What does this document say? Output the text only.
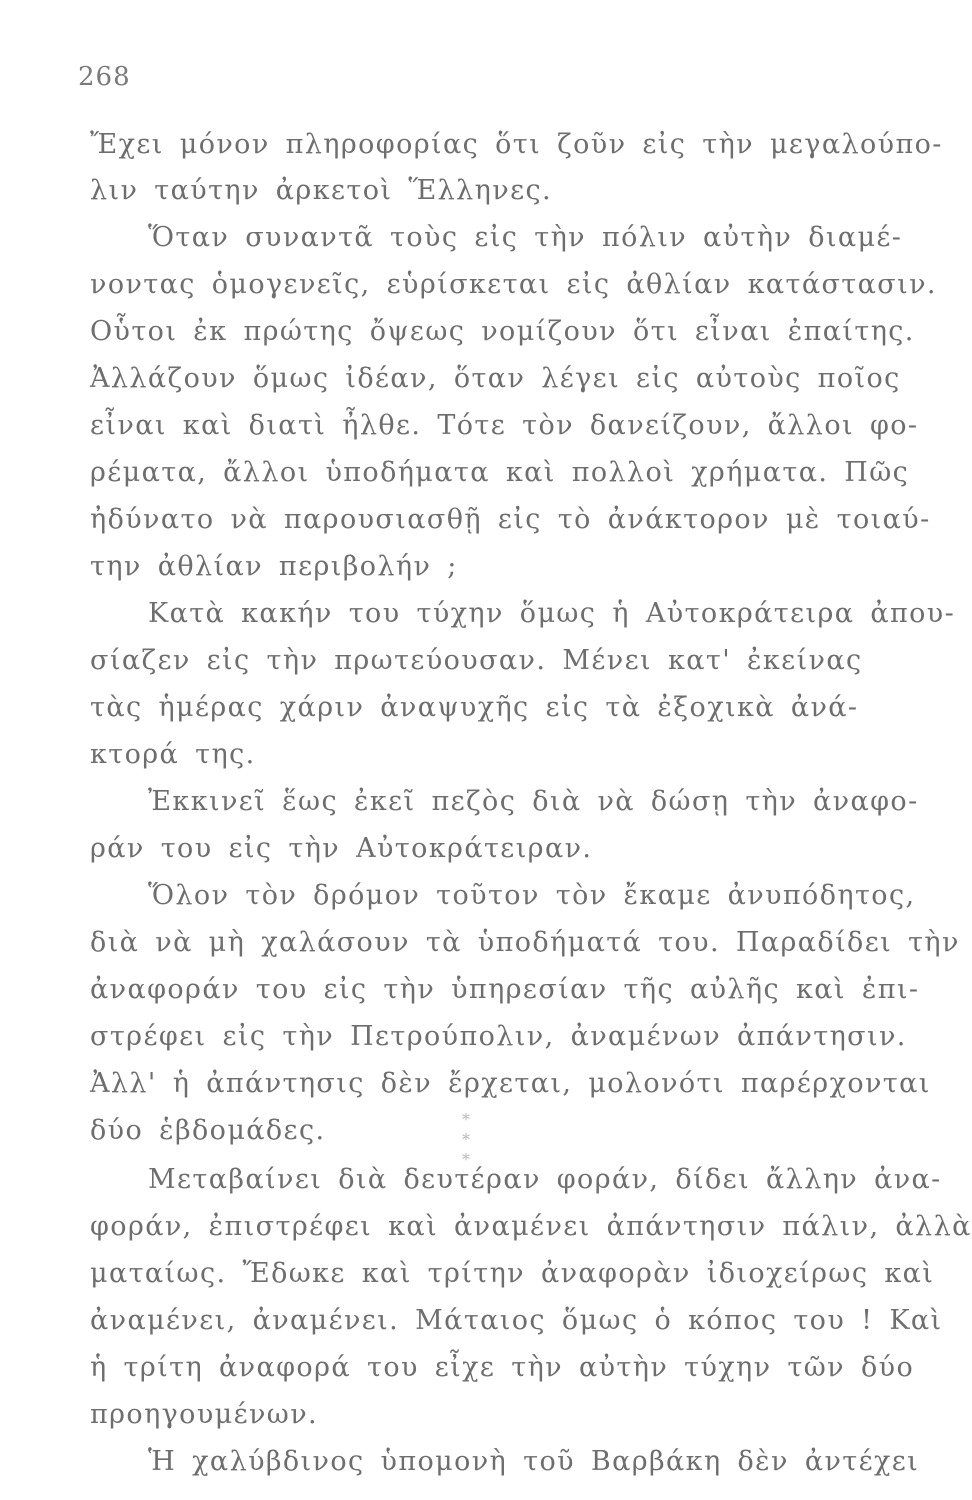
268
Ἔχει μόνον πληροφορίας ὅτι ζοῦν εἰς τὴν μεγαλούπο-
λιν ταύτην ἀρκετοὶ Ἕλληνες.
Ὅταν συναντᾶ τοὺς εἰς τὴν πόλιν αὐτὴν διαμέ-
νοντας ὁμογενεῖς, εὑρίσκεται εἰς ἀθλίαν κατάστασιν.
Οὗτοι ἐκ πρώτης ὄψεως νομίζουν ὅτι εἶναι ἐπαίτης.
Ἀλλάζουν ὅμως ἰδέαν, ὅταν λέγει εἰς αὐτοὺς ποῖος
εἶναι καὶ διατὶ ἦλθε. Τότε τὸν δανείζουν, ἄλλοι φο-
ρέματα, ἄλλοι ὑποδήματα καὶ πολλοὶ χρήματα. Πῶς
ἠδύνατο νὰ παρουσιασθῇ εἰς τὸ ἀνάκτορον μὲ τοιαύ-
την ἀθλίαν περιβολήν ;
Κατὰ κακήν του τύχην ὅμως ἡ Αὐτοκράτειρα ἀπου-
σίαζεν εἰς τὴν πρωτεύουσαν. Μένει κατ' ἐκείνας
τὰς ἡμέρας χάριν ἀναψυχῆς εἰς τὰ ἐξοχικὰ ἀνά-
κτορά της.
Ἐκκινεῖ ἕως ἐκεῖ πεζὸς διὰ νὰ δώσῃ τὴν ἀναφο-
ράν του εἰς τὴν Αὐτοκράτειραν.
Ὅλον τὸν δρόμον τοῦτον τὸν ἔκαμε ἀνυπόδητος,
διὰ νὰ μὴ χαλάσουν τὰ ὑποδήματά του. Παραδίδει τὴν
ἀναφοράν του εἰς τὴν ὑπηρεσίαν τῆς αὐλῆς καὶ ἐπι-
στρέφει εἰς τὴν Πετρούπολιν, ἀναμένων ἀπάντησιν.
Ἀλλ' ἡ ἀπάντησις δὲν ἔρχεται, μολονότι παρέρχονται
δύο ἑβδομάδες.	* * *
Μεταβαίνει διὰ δευτέραν φοράν, δίδει ἄλλην ἀνα-
φοράν, ἐπιστρέφει καὶ ἀναμένει ἀπάντησιν πάλιν, ἀλλὰ
ματαίως. Ἔδωκε καὶ τρίτην ἀναφορὰν ἰδιοχείρως καὶ
ἀναμένει, ἀναμένει. Μάταιος ὅμως ὁ κόπος του ! Καὶ
ἡ τρίτη ἀναφορά του εἶχε τὴν αὐτὴν τύχην τῶν δύο
προηγουμένων.
Ἡ χαλύβδινος ὑπομονὴ τοῦ Βαρβάκη δὲν ἀντέχει
